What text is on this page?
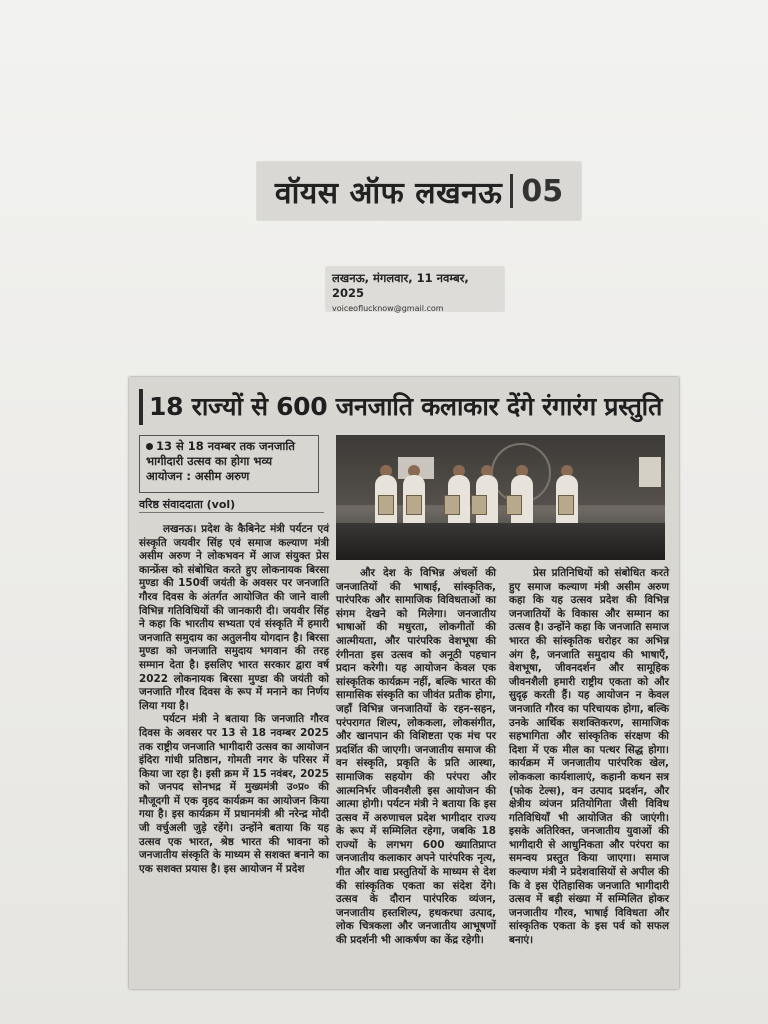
वॉयस ऑफ लखनऊ 05
लखनऊ, मंगलवार, 11 नवम्बर, 2025
voiceoflucknow@gmail.com
18 राज्यों से 600 जनजाति कलाकार देंगे रंगारंग प्रस्तुति
13 से 18 नवम्बर तक जनजाति भागीदारी उत्सव का होगा भव्य आयोजन : असीम अरुण
वरिष्ठ संवाददाता (vol)

लखनऊ। प्रदेश के कैबिनेट मंत्री पर्यटन एवं संस्कृति जयवीर सिंह एवं समाज कल्याण मंत्री असीम अरुण ने लोकभवन में आज संयुक्त प्रेस कान्फ्रेंस को संबोधित करते हुए लोकनायक बिरसा मुण्डा की 150वीं जयंती के अवसर पर जनजाति गौरव दिवस के अंतर्गत आयोजित की जाने वाली विभिन्न गतिविधियों की जानकारी दी। जयवीर सिंह ने कहा कि भारतीय सभ्यता एवं संस्कृति में हमारी जनजाति समुदाय का अतुलनीय योगदान है। बिरसा मुण्डा को जनजाति समुदाय भगवान की तरह सम्मान देता है। इसलिए भारत सरकार द्वारा वर्ष 2022 लोकनायक बिरसा मुण्डा की जयंती को जनजाति गौरव दिवस के रूप में मनाने का निर्णय लिया गया है।

पर्यटन मंत्री ने बताया कि जनजाति गौरव दिवस के अवसर पर 13 से 18 नवम्बर 2025 तक राष्ट्रीय जनजाति भागीदारी उत्सव का आयोजन इंदिरा गांधी प्रतिष्ठान, गोमती नगर के परिसर में किया जा रहा है। इसी क्रम में 15 नवंबर, 2025 को जनपद सोनभद्र में मुख्यमंत्री उ०प्र० की मौजूदगी में एक वृहद कार्यक्रम का आयोजन किया गया है। इस कार्यक्रम में प्रधानमंत्री श्री नरेन्द्र मोदी जी वर्चुअली जुड़े रहेंगे। उन्होंने बताया कि यह उत्सव एक भारत, श्रेष्ठ भारत की भावना को जनजातीय संस्कृति के माध्यम से सशक्त बनाने का एक सशक्त प्रयास है। इस आयोजन में प्रदेश

और देश के विभिन्न अंचलों की जनजातियों की भाषाई, सांस्कृतिक, पारंपरिक और सामाजिक विविधताओं का संगम देखने को मिलेगा। जनजातीय भाषाओं की मधुरता, लोकगीतों की आत्मीयता, और पारंपरिक वेशभूषा की रंगीनता इस उत्सव को अनूठी पहचान प्रदान करेगी। यह आयोजन केवल एक सांस्कृतिक कार्यक्रम नहीं, बल्कि भारत की सामासिक संस्कृति का जीवंत प्रतीक होगा, जहाँ विभिन्न जनजातियों के रहन-सहन, परंपरागत शिल्प, लोककला, लोकसंगीत, और खानपान की विशिष्टता एक मंच पर प्रदर्शित की जाएगी। जनजातीय समाज की वन संस्कृति, प्रकृति के प्रति आस्था, सामाजिक सहयोग की परंपरा और आत्मनिर्भर जीवनशैली इस आयोजन की आत्मा होगी। पर्यटन मंत्री ने बताया कि इस उत्सव में अरुणाचल प्रदेश भागीदार राज्य के रूप में सम्मिलित रहेगा, जबकि 18 राज्यों के लगभग 600 ख्यातिप्राप्त जनजातीय कलाकार अपने पारंपरिक नृत्य, गीत और वाद्य प्रस्तुतियों के माध्यम से देश की सांस्कृतिक एकता का संदेश देंगे। उत्सव के दौरान पारंपरिक व्यंजन, जनजातीय हस्तशिल्प, हथकरघा उत्पाद, लोक चित्रकला और जनजातीय आभूषणों की प्रदर्शनी भी आकर्षण का केंद्र रहेगी।

प्रेस प्रतिनिधियों को संबोधित करते हुए समाज कल्याण मंत्री असीम अरुण कहा कि यह उत्सव प्रदेश की विभिन्न जनजातियों के विकास और सम्मान का उत्सव है। उन्होंने कहा कि जनजाति समाज भारत की सांस्कृतिक धरोहर का अभिन्न अंग है, जनजाति समुदाय की भाषाएँ, वेशभूषा, जीवनदर्शन और सामूहिक जीवनशैली हमारी राष्ट्रीय एकता को और सुदृढ़ करती हैं। यह आयोजन न केवल जनजाति गौरव का परिचायक होगा, बल्कि उनके आर्थिक सशक्तिकरण, सामाजिक सहभागिता और सांस्कृतिक संरक्षण की दिशा में एक मील का पत्थर सिद्ध होगा। कार्यक्रम में जनजातीय पारंपरिक खेल, लोककला कार्यशालाएं, कहानी कथन सत्र (फोक टेल्स), वन उत्पाद प्रदर्शन, और क्षेत्रीय व्यंजन प्रतियोगिता जैसी विविध गतिविधियाँ भी आयोजित की जाएंगी। इसके अतिरिक्त, जनजातीय युवाओं की भागीदारी से आधुनिकता और परंपरा का समन्वय प्रस्तुत किया जाएगा। समाज कल्याण मंत्री ने प्रदेशवासियों से अपील की कि वे इस ऐतिहासिक जनजाति भागीदारी उत्सव में बड़ी संख्या में सम्मिलित होकर जनजातीय गौरव, भाषाई विविधता और सांस्कृतिक एकता के इस पर्व को सफल बनाएं।
